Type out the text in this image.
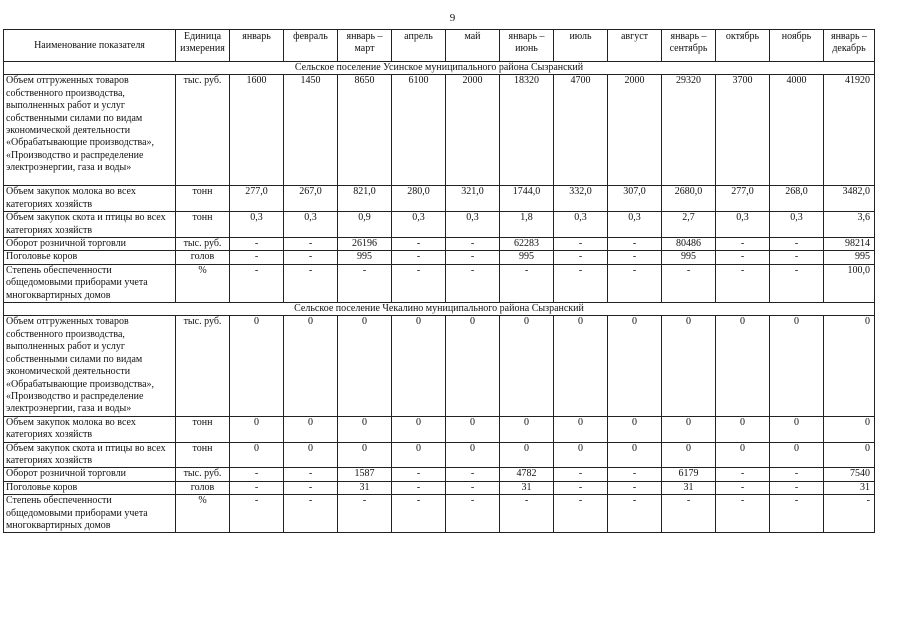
9
Наименование показателя	Единица измерения	январь	февраль	январь – март	апрель	май	январь – июнь	июль	август	январь – сентябрь	октябрь	ноябрь	январь – декабрь
Сельское поселение Усинское муниципального района Сызранский													
Объем отгруженных товаров собственного производства, выполненных работ и услуг собственными силами по видам экономической деятельности «Обрабатывающие производства», «Производство и распределение электроэнергии, газа и воды»	тыс. руб.	1600	1450	8650	6100	2000	18320	4700	2000	29320	3700	4000	41920
Объем закупок молока во всех категориях хозяйств	тонн	277,0	267,0	821,0	280,0	321,0	1744,0	332,0	307,0	2680,0	277,0	268,0	3482,0
Объем закупок скота и птицы во всех категориях хозяйств	тонн	0,3	0,3	0,9	0,3	0,3	1,8	0,3	0,3	2,7	0,3	0,3	3,6
Оборот розничной торговли	тыс. руб.	-	-	26196	-	-	62283	-	-	80486	-	-	98214
Поголовье коров	голов	-	-	995	-	-	995	-	-	995	-	-	995
Степень обеспеченности общедомовыми приборами учета многоквартирных домов	%	-	-	-	-	-	-	-	-	-	-	-	100,0
Сельское поселение Чекалино муниципального района Сызранский													
Объем отгруженных товаров собственного производства, выполненных работ и услуг собственными силами по видам экономической деятельности «Обрабатывающие производства», «Производство и распределение электроэнергии, газа и воды»	тыс. руб.	0	0	0	0	0	0	0	0	0	0	0	0
Объем закупок молока во всех категориях хозяйств	тонн	0	0	0	0	0	0	0	0	0	0	0	0
Объем закупок скота и птицы во всех категориях хозяйств	тонн	0	0	0	0	0	0	0	0	0	0	0	0
Оборот розничной торговли	тыс. руб.	-	-	1587	-	-	4782	-	-	6179	-	-	7540
Поголовье коров	голов	-	-	31	-	-	31	-	-	31	-	-	31
Степень обеспеченности общедомовыми приборами учета многоквартирных домов	%	-	-	-	-	-	-	-	-	-	-	-	-
